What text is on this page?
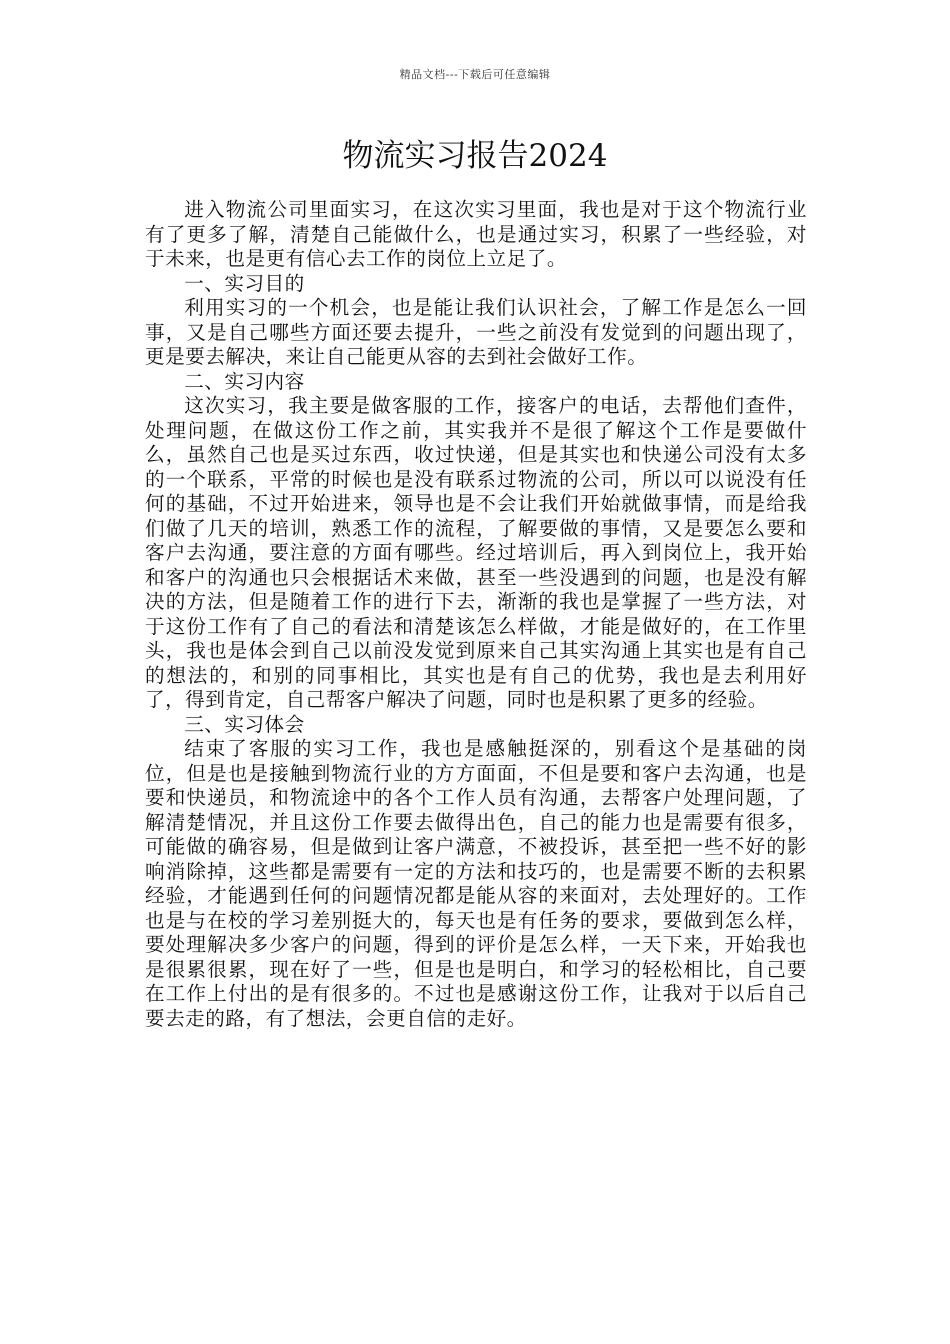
精品文档---下载后可任意编辑
物流实习报告2024

进入物流公司里面实习，在这次实习里面，我也是对于这个物流行业有了更多了解，清楚自己能做什么，也是通过实习，积累了一些经验，对于未来，也是更有信心去工作的岗位上立足了。

一、实习目的

利用实习的一个机会，也是能让我们认识社会，了解工作是怎么一回事，又是自己哪些方面还要去提升，一些之前没有发觉到的问题出现了，更是要去解决，来让自己能更从容的去到社会做好工作。

二、实习内容

这次实习，我主要是做客服的工作，接客户的电话，去帮他们查件，处理问题，在做这份工作之前，其实我并不是很了解这个工作是要做什么，虽然自己也是买过东西，收过快递，但是其实也和快递公司没有太多的一个联系，平常的时候也是没有联系过物流的公司，所以可以说没有任何的基础，不过开始进来，领导也是不会让我们开始就做事情，而是给我们做了几天的培训，熟悉工作的流程，了解要做的事情，又是要怎么要和客户去沟通，要注意的方面有哪些。经过培训后，再入到岗位上，我开始和客户的沟通也只会根据话术来做，甚至一些没遇到的问题，也是没有解决的方法，但是随着工作的进行下去，渐渐的我也是掌握了一些方法，对于这份工作有了自己的看法和清楚该怎么样做，才能是做好的，在工作里头，我也是体会到自己以前没发觉到原来自己其实沟通上其实也是有自己的想法的，和别的同事相比，其实也是有自己的优势，我也是去利用好了，得到肯定，自己帮客户解决了问题，同时也是积累了更多的经验。

三、实习体会

结束了客服的实习工作，我也是感触挺深的，别看这个是基础的岗位，但是也是接触到物流行业的方方面面，不但是要和客户去沟通，也是要和快递员，和物流途中的各个工作人员有沟通，去帮客户处理问题，了解清楚情况，并且这份工作要去做得出色，自己的能力也是需要有很多，可能做的确容易，但是做到让客户满意，不被投诉，甚至把一些不好的影响消除掉，这些都是需要有一定的方法和技巧的，也是需要不断的去积累经验，才能遇到任何的问题情况都是能从容的来面对，去处理好的。工作也是与在校的学习差别挺大的，每天也是有任务的要求，要做到怎么样，要处理解决多少客户的问题，得到的评价是怎么样，一天下来，开始我也是很累很累，现在好了一些，但是也是明白，和学习的轻松相比，自己要在工作上付出的是有很多的。不过也是感谢这份工作，让我对于以后自己要去走的路，有了想法，会更自信的走好。
